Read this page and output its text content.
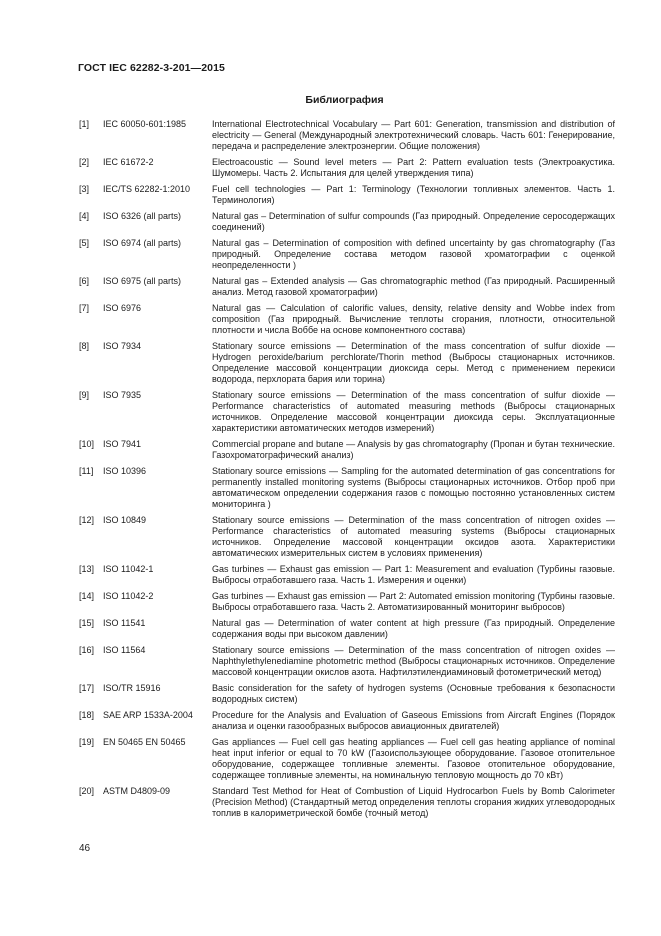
ГОСТ IEC 62282-3-201—2015
Библиография
[1] IEC 60050-601:1985	International Electrotechnical Vocabulary — Part 601: Generation, transmission and distribution of electricity — General (Международный электротехнический словарь. Часть 601: Генерирование, передача и распределение электроэнергии. Общие положения)
[2] IEC 61672-2	Electroacoustic — Sound level meters — Part 2: Pattern evaluation tests (Электроакустика. Шумомеры. Часть 2. Испытания для целей утверждения типа)
[3] IEC/TS 62282-1:2010 Fuel cell technologies — Part 1: Terminology (Технологии топливных элементов. Часть 1. Терминология)
[4] ISO 6326 (all parts)	Natural gas – Determination of sulfur compounds (Газ природный. Определение серосодержащих соединений)
[5] ISO 6974 (all parts)	Natural gas – Determination of composition with defined uncertainty by gas chromatography (Газ природный. Определение состава методом газовой хроматографии с оценкой неопределенности )
[6] ISO 6975 (all parts)	Natural gas – Extended analysis — Gas chromatographic method (Газ природный. Расширенный анализ. Метод газовой хроматографии)
[7] ISO 6976	Natural gas — Calculation of calorific values, density, relative density and Wobbe index from composition (Газ природный. Вычисление теплоты сгорания, плотности, относительной плотности и числа Воббе на основе компонентного состава)
[8] ISO 7934	Stationary source emissions — Determination of the mass concentration of sulfur dioxide — Hydrogen peroxide/barium perchlorate/Thorin method (Выбросы стационарных источников. Определение массовой концентрации диоксида серы. Метод с применением перекиси водорода, перхлората бария или торина)
[9] ISO 7935	Stationary source emissions — Determination of the mass concentration of sulfur dioxide — Performance characteristics of automated measuring methods (Выбросы стационарных источников. Определение массовой концентрации диоксида серы. Эксплуатационные характеристики автоматических методов измерений)
[10] ISO 7941	Commercial propane and butane — Analysis by gas chromatography (Пропан и бутан технические. Газохроматографический анализ)
[11] ISO 10396	Stationary source emissions — Sampling for the automated determination of gas concentrations for permanently installed monitoring systems (Выбросы стационарных источников. Отбор проб при автоматическом определении содержания газов с помощью постоянно установленных систем мониторинга )
[12] ISO 10849	Stationary source emissions — Determination of the mass concentration of nitrogen oxides — Performance characteristics of automated measuring systems (Выбросы стационарных источников. Определение массовой концентрации оксидов азота. Характеристики автоматических измерительных систем в условиях применения)
[13] ISO 11042-1	Gas turbines — Exhaust gas emission — Part 1: Measurement and evaluation (Турбины газовые. Выбросы отработавшего газа. Часть 1. Измерения и оценки)
[14] ISO 11042-2	Gas turbines — Exhaust gas emission — Part 2: Automated emission monitoring (Турбины газовые. Выбросы отработавшего газа. Часть 2. Автоматизированный мониторинг выбросов)
[15] ISO 11541	Natural gas — Determination of water content at high pressure (Газ природный. Определение содержания воды при высоком давлении)
[16] ISO 11564	Stationary source emissions — Determination of the mass concentration of nitrogen oxides — Naphthylethylenediamine photometric method (Выбросы стационарных источников. Определение массовой концентрации окислов азота. Нафтилэтилендиаминовый фотометрический метод)
[17] ISO/TR 15916	Basic consideration for the safety of hydrogen systems (Основные требования к безопасности водородных систем)
[18] SAE ARP 1533A-2004 Procedure for the Analysis and Evaluation of Gaseous Emissions from Aircraft Engines (Порядок анализа и оценки газообразных выбросов авиационных двигателей)
[19] EN 50465 EN 50465	Gas appliances — Fuel cell gas heating appliances — Fuel cell gas heating appliance of nominal heat input inferior or equal to 70 kW (Газоиспользующее оборудование. Газовое отопительное оборудование, содержащее топливные элементы. Газовое отопительное оборудование, содержащее топливные элементы, на номинальную тепловую мощность до 70 кВт)
[20] ASTM D4809-09	Standard Test Method for Heat of Combustion of Liquid Hydrocarbon Fuels by Bomb Calorimeter (Precision Method) (Стандартный метод определения теплоты сгорания жидких углеводородных топлив в калориметрической бомбе (точный метод)
46
